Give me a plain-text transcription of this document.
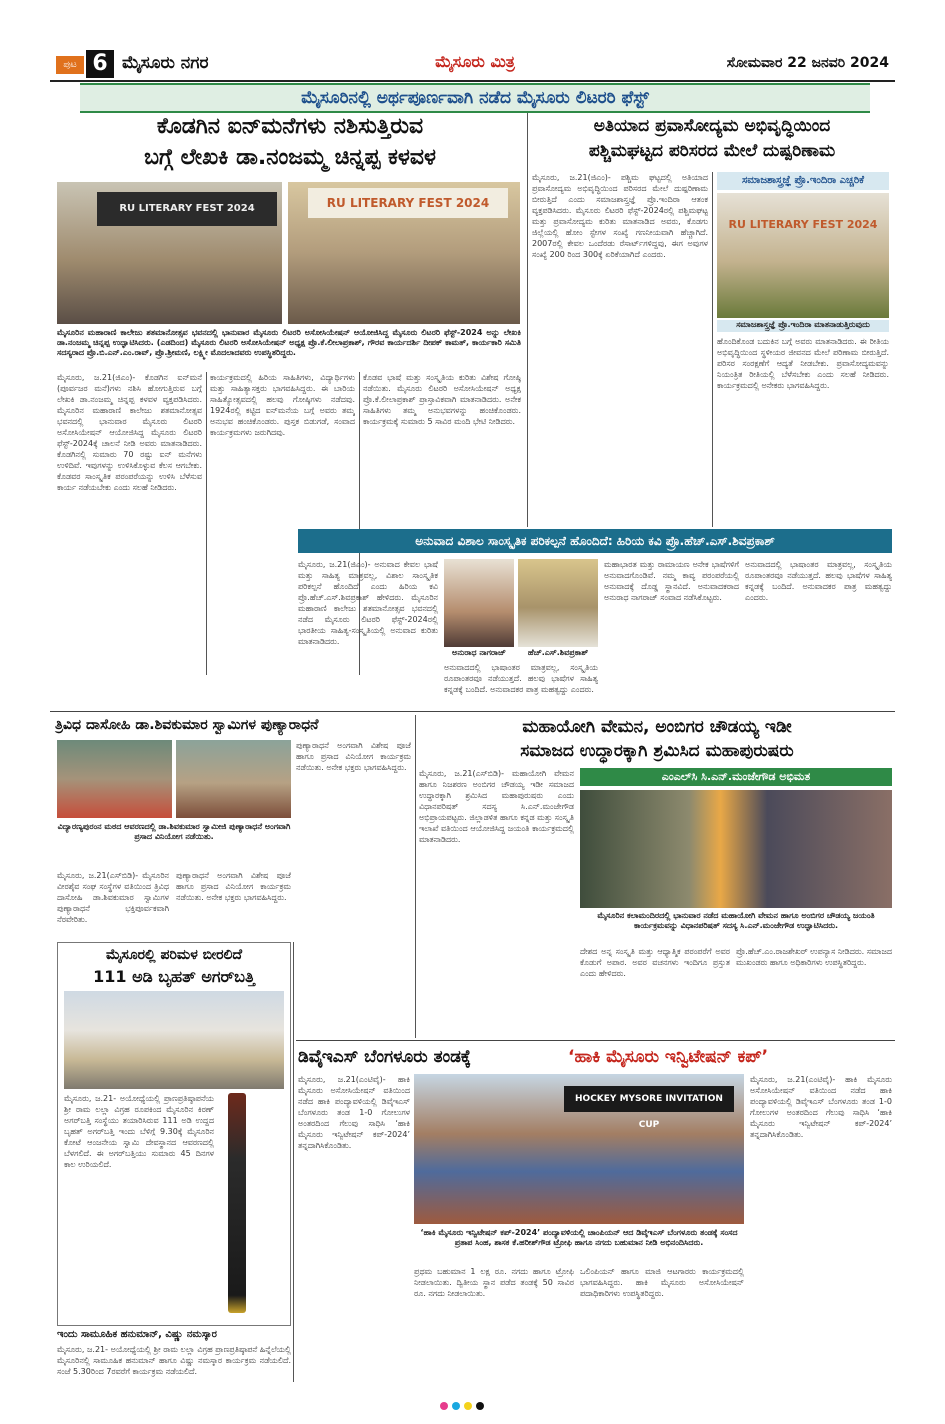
ಪುಟ 6 ಮೈಸೂರು ನಗರ	ಮೈಸೂರು ಮಿತ್ರ	ಸೋಮವಾರ 22 ಜನವರಿ 2024
ಮೈಸೂರಿನಲ್ಲಿ ಅರ್ಥಪೂರ್ಣವಾಗಿ ನಡೆದ ಮೈಸೂರು ಲಿಟರರಿ ಫೆಸ್ಟ್
ಕೊಡಗಿನ ಐನ್‌ಮನೆಗಳು ನಶಿಸುತ್ತಿರುವ
ಬಗ್ಗೆ ಲೇಖಕಿ ಡಾ.ನಂಜಮ್ಮ ಚಿನ್ನಪ್ಪ ಕಳವಳ
RU LITERARY FEST 2024	RU LITERARY FEST 2024
ಮೈಸೂರಿನ ಮಹಾರಾಣಿ ಕಾಲೇಜು ಶತಮಾನೋತ್ಸವ ಭವನದಲ್ಲಿ ಭಾನುವಾರ ಮೈಸೂರು ಲಿಟರರಿ ಅಸೋಸಿಯೇಷನ್ ಆಯೋಜಿಸಿದ್ದ ಮೈಸೂರು ಲಿಟರರಿ ಫೆಸ್ಟ್-2024 ಅನ್ನು ಲೇಖಕಿ ಡಾ.ನಂಜಮ್ಮ ಚಿನ್ನಪ್ಪ ಉದ್ಘಾಟಿಸಿದರು. (ಎಡದಿಂದ) ಮೈಸೂರು ಲಿಟರರಿ ಅಸೋಸಿಯೇಷನ್ ಅಧ್ಯಕ್ಷ ಪ್ರೊ.ಕೆ.ಲೀಲಾಪ್ರಕಾಶ್, ಗೌರವ ಕಾರ್ಯದರ್ಶಿ ದೀಪಕ್ ಕಾಮತ್, ಕಾರ್ಯಕಾರಿ ಸಮಿತಿ ಸದಸ್ಯರಾದ ಪ್ರೊ.ಬಿ.ಎನ್.ಎಂ.ರಾವ್, ಪ್ರೊ.ಶ್ರೀಮಣಿ, ಲಕ್ಷ್ಮೀ ಮೊದಲಾದವರು ಉಪಸ್ಥಿತರಿದ್ದರು.

ಮೈಸೂರು, ಜ.21(ಜಿಎಂ)- ಕೊಡಗಿನ ಐನ್‌ಮನೆ (ಪೂರ್ವಜರ ಮನೆ)ಗಳು ನಶಿಸಿ ಹೋಗುತ್ತಿರುವ ಬಗ್ಗೆ ಲೇಖಕಿ ಡಾ.ನಂಜಮ್ಮ ಚಿನ್ನಪ್ಪ ಕಳವಳ ವ್ಯಕ್ತಪಡಿಸಿದರು. ಮೈಸೂರಿನ ಮಹಾರಾಣಿ ಕಾಲೇಜು ಶತಮಾನೋತ್ಸವ ಭವನದಲ್ಲಿ ಭಾನುವಾರ ಮೈಸೂರು ಲಿಟರರಿ ಅಸೋಸಿಯೇಷನ್ ಆಯೋಜಿಸಿದ್ದ ಮೈಸೂರು ಲಿಟರರಿ ಫೆಸ್ಟ್-2024ಕ್ಕೆ ಚಾಲನೆ ನೀಡಿ ಅವರು ಮಾತನಾಡಿದರು. ಕೊಡಗಿನಲ್ಲಿ ಸುಮಾರು 70 ರಷ್ಟು ಐನ್ ಮನೆಗಳು ಉಳಿದಿವೆ. ಇವುಗಳನ್ನು ಉಳಿಸಿಕೊಳ್ಳುವ ಕೆಲಸ ಆಗಬೇಕು. ಕೊಡವರ ಸಾಂಸ್ಕೃತಿಕ ಪರಂಪರೆಯನ್ನು ಉಳಿಸಿ ಬೆಳೆಸುವ ಕಾರ್ಯ ನಡೆಯಬೇಕು ಎಂದು ಸಲಹೆ ನೀಡಿದರು.

ಕಾರ್ಯಕ್ರಮದಲ್ಲಿ ಹಿರಿಯ ಸಾಹಿತಿಗಳು, ವಿದ್ಯಾರ್ಥಿಗಳು ಮತ್ತು ಸಾಹಿತ್ಯಾಸಕ್ತರು ಭಾಗವಹಿಸಿದ್ದರು. ಈ ಬಾರಿಯ ಸಾಹಿತ್ಯೋತ್ಸವದಲ್ಲಿ ಹಲವು ಗೋಷ್ಠಿಗಳು ನಡೆದವು. 1924ರಲ್ಲಿ ಕಟ್ಟಿದ ಐನ್‌ಮನೆಯ ಬಗ್ಗೆ ಅವರು ತಮ್ಮ ಅನುಭವ ಹಂಚಿಕೊಂಡರು. ಪುಸ್ತಕ ಬಿಡುಗಡೆ, ಸಂವಾದ ಕಾರ್ಯಕ್ರಮಗಳು ಜರುಗಿದವು.

ಕೊಡವ ಭಾಷೆ ಮತ್ತು ಸಂಸ್ಕೃತಿಯ ಕುರಿತು ವಿಶೇಷ ಗೋಷ್ಠಿ ನಡೆಯಿತು. ಮೈಸೂರು ಲಿಟರರಿ ಅಸೋಸಿಯೇಷನ್ ಅಧ್ಯಕ್ಷ ಪ್ರೊ.ಕೆ.ಲೀಲಾಪ್ರಕಾಶ್ ಪ್ರಾಸ್ತಾವಿಕವಾಗಿ ಮಾತನಾಡಿದರು. ಅನೇಕ ಸಾಹಿತಿಗಳು ತಮ್ಮ ಅನುಭವಗಳನ್ನು ಹಂಚಿಕೊಂಡರು. ಕಾರ್ಯಕ್ರಮಕ್ಕೆ ಸುಮಾರು 5 ಸಾವಿರ ಮಂದಿ ಭೇಟಿ ನೀಡಿದರು.

ಅತಿಯಾದ ಪ್ರವಾಸೋದ್ಯಮ ಅಭಿವೃದ್ಧಿಯಿಂದ
ಪಶ್ಚಿಮಘಟ್ಟದ ಪರಿಸರದ ಮೇಲೆ ದುಷ್ಪರಿಣಾಮ

ಮೈಸೂರು, ಜ.21(ಜಿಎಂ)- ಪಶ್ಚಿಮ ಘಟ್ಟದಲ್ಲಿ ಅತಿಯಾದ ಪ್ರವಾಸೋದ್ಯಮ ಅಭಿವೃದ್ಧಿಯಿಂದ ಪರಿಸರದ ಮೇಲೆ ದುಷ್ಪರಿಣಾಮ ಬೀರುತ್ತಿದೆ ಎಂದು ಸಮಾಜಶಾಸ್ತ್ರಜ್ಞೆ ಪ್ರೊ.ಇಂದಿರಾ ಆತಂಕ ವ್ಯಕ್ತಪಡಿಸಿದರು. ಮೈಸೂರು ಲಿಟರರಿ ಫೆಸ್ಟ್-2024ರಲ್ಲಿ ಪಶ್ಚಿಮಘಟ್ಟ ಮತ್ತು ಪ್ರವಾಸೋದ್ಯಮ ಕುರಿತು ಮಾತನಾಡಿದ ಅವರು, ಕೊಡಗು ಜಿಲ್ಲೆಯಲ್ಲಿ ಹೋಂ ಸ್ಟೇಗಳ ಸಂಖ್ಯೆ ಗಣನೀಯವಾಗಿ ಹೆಚ್ಚಾಗಿದೆ. 2007ರಲ್ಲಿ ಕೇವಲ ಒಂದೆರಡು ರೆಸಾರ್ಟ್‌ಗಳಿದ್ದವು, ಈಗ ಅವುಗಳ ಸಂಖ್ಯೆ 200 ರಿಂದ 300ಕ್ಕೆ ಏರಿಕೆಯಾಗಿದೆ ಎಂದರು.

ಸಮಾಜಶಾಸ್ತ್ರಜ್ಞೆ ಪ್ರೊ.ಇಂದಿರಾ ಎಚ್ಚರಿಕೆ
RU LITERARY FEST 2024
ಸಮಾಜಶಾಸ್ತ್ರಜ್ಞೆ ಪ್ರೊ.ಇಂದಿರಾ ಮಾತನಾಡುತ್ತಿರುವುದು

ಹೊಂದಿಕೊಂಡ ಬದುಕಿನ ಬಗ್ಗೆ ಅವರು ಮಾತನಾಡಿದರು. ಈ ರೀತಿಯ ಅಭಿವೃದ್ಧಿಯಿಂದ ಸ್ಥಳೀಯರ ಜೀವನದ ಮೇಲೆ ಪರಿಣಾಮ ಬೀರುತ್ತಿದೆ. ಪರಿಸರ ಸಂರಕ್ಷಣೆಗೆ ಆದ್ಯತೆ ನೀಡಬೇಕು. ಪ್ರವಾಸೋದ್ಯಮವನ್ನು ನಿಯಂತ್ರಿತ ರೀತಿಯಲ್ಲಿ ಬೆಳೆಸಬೇಕು ಎಂದು ಸಲಹೆ ನೀಡಿದರು. ಕಾರ್ಯಕ್ರಮದಲ್ಲಿ ಅನೇಕರು ಭಾಗವಹಿಸಿದ್ದರು.

ಅನುವಾದ ವಿಶಾಲ ಸಾಂಸ್ಕೃತಿಕ ಪರಿಕಲ್ಪನೆ ಹೊಂದಿದೆ: ಹಿರಿಯ ಕವಿ ಪ್ರೊ.ಹೆಚ್.ಎಸ್.ಶಿವಪ್ರಕಾಶ್

ಮೈಸೂರು, ಜ.21(ಜಿಎಂ)- ಅನುವಾದ ಕೇವಲ ಭಾಷೆ ಮತ್ತು ಸಾಹಿತ್ಯ ಮಾತ್ರವಲ್ಲ, ವಿಶಾಲ ಸಾಂಸ್ಕೃತಿಕ ಪರಿಕಲ್ಪನೆ ಹೊಂದಿದೆ ಎಂದು ಹಿರಿಯ ಕವಿ ಪ್ರೊ.ಹೆಚ್.ಎಸ್.ಶಿವಪ್ರಕಾಶ್ ಹೇಳಿದರು. ಮೈಸೂರಿನ ಮಹಾರಾಣಿ ಕಾಲೇಜು ಶತಮಾನೋತ್ಸವ ಭವನದಲ್ಲಿ ನಡೆದ ಮೈಸೂರು ಲಿಟರರಿ ಫೆಸ್ಟ್-2024ರಲ್ಲಿ ಭಾರತೀಯ ಸಾಹಿತ್ಯ-ಸಂಸ್ಕೃತಿಯಲ್ಲಿ ಅನುವಾದ ಕುರಿತು ಮಾತನಾಡಿದರು.

ಅನುರಾಧ ನಾಗರಾಜ್	ಹೆಚ್.ಎಸ್.ಶಿವಪ್ರಕಾಶ್

ಅನುವಾದದಲ್ಲಿ ಭಾಷಾಂತರ ಮಾತ್ರವಲ್ಲ, ಸಂಸ್ಕೃತಿಯ ರೂಪಾಂತರವೂ ನಡೆಯುತ್ತದೆ. ಹಲವು ಭಾಷೆಗಳ ಸಾಹಿತ್ಯ ಕನ್ನಡಕ್ಕೆ ಬಂದಿದೆ. ಅನುವಾದಕರ ಪಾತ್ರ ಮಹತ್ವದ್ದು ಎಂದರು.

ಮಹಾಭಾರತ ಮತ್ತು ರಾಮಾಯಣ ಅನೇಕ ಭಾಷೆಗಳಿಗೆ ಅನುವಾದಗೊಂಡಿವೆ. ನಮ್ಮ ಕಾವ್ಯ ಪರಂಪರೆಯಲ್ಲಿ ಅನುವಾದಕ್ಕೆ ದೊಡ್ಡ ಸ್ಥಾನವಿದೆ. ಅನುವಾದಕರಾದ ಅನುರಾಧ ನಾಗರಾಜ್ ಸಂವಾದ ನಡೆಸಿಕೊಟ್ಟರು.

ಅನುವಾದದಲ್ಲಿ ಭಾಷಾಂತರ ಮಾತ್ರವಲ್ಲ, ಸಂಸ್ಕೃತಿಯ ರೂಪಾಂತರವೂ ನಡೆಯುತ್ತದೆ. ಹಲವು ಭಾಷೆಗಳ ಸಾಹಿತ್ಯ ಕನ್ನಡಕ್ಕೆ ಬಂದಿದೆ. ಅನುವಾದಕರ ಪಾತ್ರ ಮಹತ್ವದ್ದು ಎಂದರು.

ತ್ರಿವಿಧ ದಾಸೋಹಿ ಡಾ.ಶಿವಕುಮಾರ ಸ್ವಾಮಿಗಳ ಪುಣ್ಯಾರಾಧನೆ
ವಿದ್ಯಾರಣ್ಯಪುರಂನ ಮಠದ ಆವರಣದಲ್ಲಿ ಡಾ.ಶಿವಕುಮಾರ ಸ್ವಾಮೀಜಿ ಪುಣ್ಯಾರಾಧನೆ ಅಂಗವಾಗಿ ಪ್ರಸಾದ ವಿನಿಯೋಗ ನಡೆಯಿತು.

ಮೈಸೂರು, ಜ.21(ಎಸ್‌ಬಿಡಿ)- ಮೈಸೂರಿನ ವೀರಶೈವ ಸಂಘ ಸಂಸ್ಥೆಗಳ ವತಿಯಿಂದ ತ್ರಿವಿಧ ದಾಸೋಹಿ ಡಾ.ಶಿವಕುಮಾರ ಸ್ವಾಮಿಗಳ ಪುಣ್ಯಾರಾಧನೆ ಭಕ್ತಿಪೂರ್ವಕವಾಗಿ ನೆರವೇರಿತು.

ಪುಣ್ಯಾರಾಧನೆ ಅಂಗವಾಗಿ ವಿಶೇಷ ಪೂಜೆ ಹಾಗೂ ಪ್ರಸಾದ ವಿನಿಯೋಗ ಕಾರ್ಯಕ್ರಮ ನಡೆಯಿತು. ಅನೇಕ ಭಕ್ತರು ಭಾಗವಹಿಸಿದ್ದರು.

ಪುಣ್ಯಾರಾಧನೆ ಅಂಗವಾಗಿ ವಿಶೇಷ ಪೂಜೆ ಹಾಗೂ ಪ್ರಸಾದ ವಿನಿಯೋಗ ಕಾರ್ಯಕ್ರಮ ನಡೆಯಿತು. ಅನೇಕ ಭಕ್ತರು ಭಾಗವಹಿಸಿದ್ದರು.

ಮಹಾಯೋಗಿ ವೇಮನ, ಅಂಬಿಗರ ಚೌಡಯ್ಯ ಇಡೀ
ಸಮಾಜದ ಉದ್ಧಾರಕ್ಕಾಗಿ ಶ್ರಮಿಸಿದ ಮಹಾಪುರುಷರು

ಮೈಸೂರು, ಜ.21(ಎಸ್‌ಬಿಡಿ)- ಮಹಾಯೋಗಿ ವೇಮನ ಹಾಗೂ ನಿಜಶರಣ ಅಂಬಿಗರ ಚೌಡಯ್ಯ ಇಡೀ ಸಮಾಜದ ಉದ್ಧಾರಕ್ಕಾಗಿ ಶ್ರಮಿಸಿದ ಮಹಾಪುರುಷರು ಎಂದು ವಿಧಾನಪರಿಷತ್ ಸದಸ್ಯ ಸಿ.ಎನ್.ಮಂಜೇಗೌಡ ಅಭಿಪ್ರಾಯಪಟ್ಟರು. ಜಿಲ್ಲಾಡಳಿತ ಹಾಗೂ ಕನ್ನಡ ಮತ್ತು ಸಂಸ್ಕೃತಿ ಇಲಾಖೆ ವತಿಯಿಂದ ಆಯೋಜಿಸಿದ್ದ ಜಯಂತಿ ಕಾರ್ಯಕ್ರಮದಲ್ಲಿ ಮಾತನಾಡಿದರು.

ಎಂಎಲ್‌ಸಿ ಸಿ.ಎನ್.ಮಂಜೇಗೌಡ ಅಭಿಮತ
ಮೈಸೂರಿನ ಕಲಾಮಂದಿರದಲ್ಲಿ ಭಾನುವಾರ ನಡೆದ ಮಹಾಯೋಗಿ ವೇಮನ ಹಾಗೂ ಅಂಬಿಗರ ಚೌಡಯ್ಯ ಜಯಂತಿ ಕಾರ್ಯಕ್ರಮವನ್ನು ವಿಧಾನಪರಿಷತ್ ಸದಸ್ಯ ಸಿ.ಎನ್.ಮಂಜೇಗೌಡ ಉದ್ಘಾಟಿಸಿದರು.

ದೇಶದ ಅನ್ನ ಸಂಸ್ಕೃತಿ ಮತ್ತು ಆಧ್ಯಾತ್ಮಿಕ ಪರಂಪರೆಗೆ ಅವರ ಕೊಡುಗೆ ಅಪಾರ. ಅವರ ವಚನಗಳು ಇಂದಿಗೂ ಪ್ರಸ್ತುತ ಎಂದು ಹೇಳಿದರು.

ಪ್ರೊ.ಹೆಚ್.ಎಂ.ರಾಜಶೇಖರ್ ಉಪನ್ಯಾಸ ನೀಡಿದರು. ಸಮಾಜದ ಮುಖಂಡರು ಹಾಗೂ ಅಧಿಕಾರಿಗಳು ಉಪಸ್ಥಿತರಿದ್ದರು.

ಮೈಸೂರಲ್ಲಿ ಪರಿಮಳ ಬೀರಲಿದೆ
111 ಅಡಿ ಬೃಹತ್ ಅಗರ್‌ಬತ್ತಿ

ಮೈಸೂರು, ಜ.21- ಅಯೋಧ್ಯೆಯಲ್ಲಿ ಪ್ರಾಣಪ್ರತಿಷ್ಠಾಪನೆಯ ಶ್ರೀ ರಾಮ ಲಲ್ಲಾ ವಿಗ್ರಹ ರೂಪಕಿಂದ ಮೈಸೂರಿನ ಕಿರಣ್ ಅಗರ್‌ಬತ್ತಿ ಸಂಸ್ಥೆಯು ತಯಾರಿಸಿರುವ 111 ಅಡಿ ಉದ್ದದ ಬೃಹತ್ ಅಗರ್‌ಬತ್ತಿ ಇಂದು ಬೆಳಿಗ್ಗೆ 9.30ಕ್ಕೆ ಮೈಸೂರಿನ ಕೋಟೆ ಆಂಜನೇಯ ಸ್ವಾಮಿ ದೇವಸ್ಥಾನದ ಆವರಣದಲ್ಲಿ ಬೆಳಗಲಿದೆ. ಈ ಅಗರ್‌ಬತ್ತಿಯು ಸುಮಾರು 45 ದಿನಗಳ ಕಾಲ ಉರಿಯಲಿದೆ.

ಇಂದು ಸಾಮೂಹಿಕ ಹನುಮಾನ್, ವಿಷ್ಣು ನಮಸ್ಕಾರ

ಮೈಸೂರು, ಜ.21- ಅಯೋಧ್ಯೆಯಲ್ಲಿ ಶ್ರೀ ರಾಮ ಲಲ್ಲಾ ವಿಗ್ರಹ ಪ್ರಾಣಪ್ರತಿಷ್ಠಾಪನೆ ಹಿನ್ನೆಲೆಯಲ್ಲಿ ಮೈಸೂರಿನಲ್ಲಿ ಸಾಮೂಹಿಕ ಹನುಮಾನ್ ಹಾಗೂ ವಿಷ್ಣು ನಮಸ್ಕಾರ ಕಾರ್ಯಕ್ರಮ ನಡೆಯಲಿದೆ. ಸಂಜೆ 5.30ರಿಂದ 7ರವರೆಗೆ ಕಾರ್ಯಕ್ರಮ ನಡೆಯಲಿದೆ.

ಡಿವೈಇಎಸ್ ಬೆಂಗಳೂರು ತಂಡಕ್ಕೆ	‘ಹಾಕಿ ಮೈಸೂರು ಇನ್ವಿಟೇಷನ್ ಕಪ್’

ಮೈಸೂರು, ಜ.21(ಎಂಟಿವೈ)- ಹಾಕಿ ಮೈಸೂರು ಅಸೋಸಿಯೇಷನ್ ವತಿಯಿಂದ ನಡೆದ ಹಾಕಿ ಪಂದ್ಯಾವಳಿಯಲ್ಲಿ ಡಿವೈಇಎಸ್ ಬೆಂಗಳೂರು ತಂಡ 1-0 ಗೋಲುಗಳ ಅಂತರದಿಂದ ಗೆಲುವು ಸಾಧಿಸಿ ‘ಹಾಕಿ ಮೈಸೂರು ಇನ್ವಿಟೇಷನ್ ಕಪ್-2024’ ತನ್ನದಾಗಿಸಿಕೊಂಡಿತು.

HOCKEY MYSORE INVITATION CUP
‘ಹಾಕಿ ಮೈಸೂರು ಇನ್ವಿಟೇಷನ್ ಕಪ್-2024’ ಪಂದ್ಯಾವಳಿಯಲ್ಲಿ ಚಾಂಪಿಯನ್ ಆದ ಡಿವೈಇಎಸ್ ಬೆಂಗಳೂರು ತಂಡಕ್ಕೆ ಸಂಸದ ಪ್ರತಾಪ ಸಿಂಹ, ಶಾಸಕ ಕೆ.ಹರೀಶ್‌ಗೌಡ ಟ್ರೋಫಿ ಹಾಗೂ ನಗದು ಬಹುಮಾನ ನೀಡಿ ಅಭಿನಂದಿಸಿದರು.

ಪ್ರಥಮ ಬಹುಮಾನ 1 ಲಕ್ಷ ರೂ. ನಗದು ಹಾಗೂ ಟ್ರೋಫಿ ನೀಡಲಾಯಿತು. ದ್ವಿತೀಯ ಸ್ಥಾನ ಪಡೆದ ತಂಡಕ್ಕೆ 50 ಸಾವಿರ ರೂ. ನಗದು ನೀಡಲಾಯಿತು.

ಒಲಿಂಪಿಯನ್ ಹಾಗೂ ಮಾಜಿ ಆಟಗಾರರು ಕಾರ್ಯಕ್ರಮದಲ್ಲಿ ಭಾಗವಹಿಸಿದ್ದರು. ಹಾಕಿ ಮೈಸೂರು ಅಸೋಸಿಯೇಷನ್ ಪದಾಧಿಕಾರಿಗಳು ಉಪಸ್ಥಿತರಿದ್ದರು.

ಮೈಸೂರು, ಜ.21(ಎಂಟಿವೈ)- ಹಾಕಿ ಮೈಸೂರು ಅಸೋಸಿಯೇಷನ್ ವತಿಯಿಂದ ನಡೆದ ಹಾಕಿ ಪಂದ್ಯಾವಳಿಯಲ್ಲಿ ಡಿವೈಇಎಸ್ ಬೆಂಗಳೂರು ತಂಡ 1-0 ಗೋಲುಗಳ ಅಂತರದಿಂದ ಗೆಲುವು ಸಾಧಿಸಿ ‘ಹಾಕಿ ಮೈಸೂರು ಇನ್ವಿಟೇಷನ್ ಕಪ್-2024’ ತನ್ನದಾಗಿಸಿಕೊಂಡಿತು.
